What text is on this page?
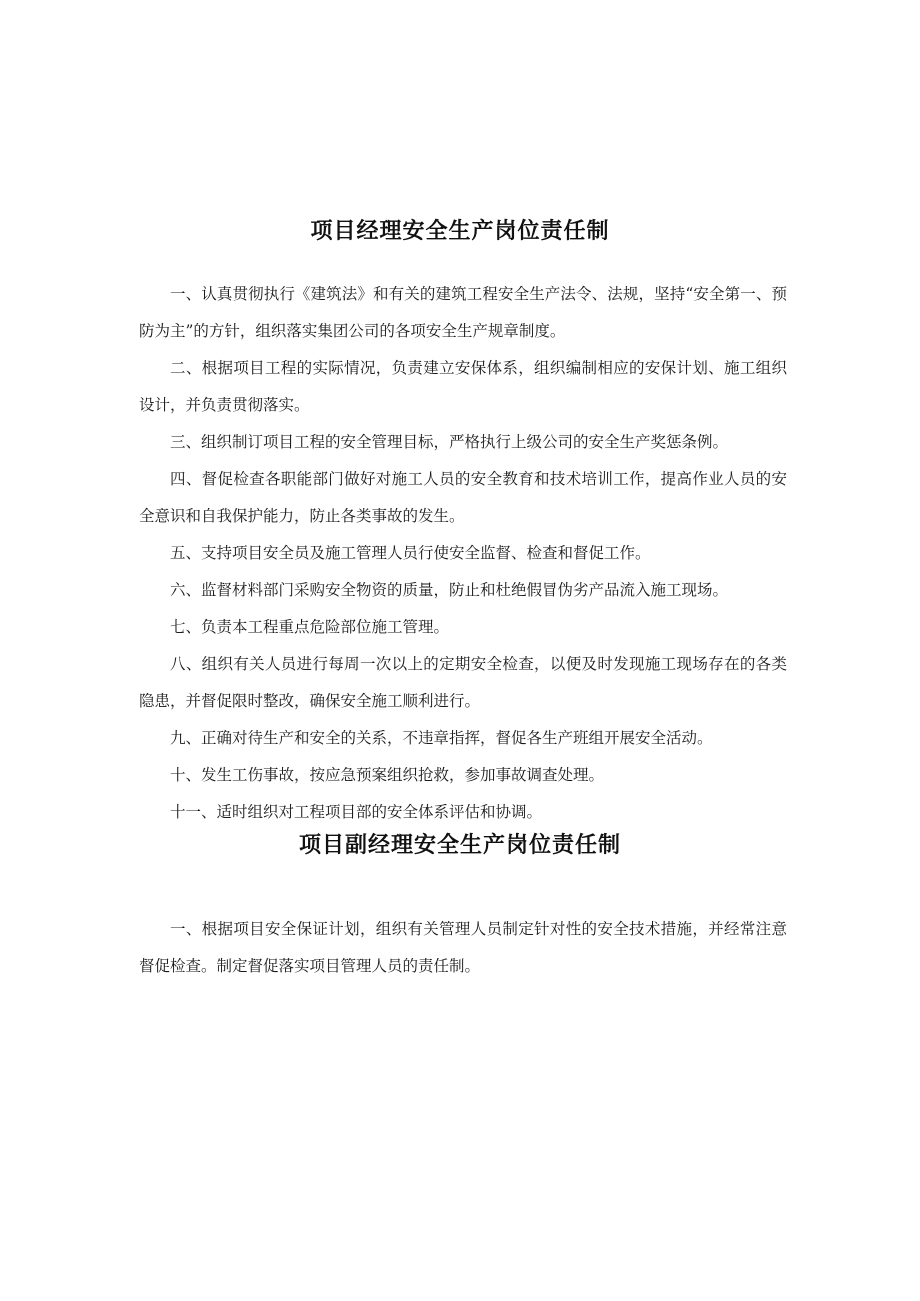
项目经理安全生产岗位责任制

一、认真贯彻执行《建筑法》和有关的建筑工程安全生产法令、法规，坚持“安全第一、预防为主”的方针，组织落实集团公司的各项安全生产规章制度。

二、根据项目工程的实际情况，负责建立安保体系，组织编制相应的安保计划、施工组织设计，并负责贯彻落实。

三、组织制订项目工程的安全管理目标，严格执行上级公司的安全生产奖惩条例。

四、督促检查各职能部门做好对施工人员的安全教育和技术培训工作，提高作业人员的安全意识和自我保护能力，防止各类事故的发生。

五、支持项目安全员及施工管理人员行使安全监督、检查和督促工作。

六、监督材料部门采购安全物资的质量，防止和杜绝假冒伪劣产品流入施工现场。

七、负责本工程重点危险部位施工管理。

八、组织有关人员进行每周一次以上的定期安全检查，以便及时发现施工现场存在的各类隐患，并督促限时整改，确保安全施工顺利进行。

九、正确对待生产和安全的关系，不违章指挥，督促各生产班组开展安全活动。

十、发生工伤事故，按应急预案组织抢救，参加事故调查处理。

十一、适时组织对工程项目部的安全体系评估和协调。

项目副经理安全生产岗位责任制

一、根据项目安全保证计划，组织有关管理人员制定针对性的安全技术措施，并经常注意督促检查。制定督促落实项目管理人员的责任制。
